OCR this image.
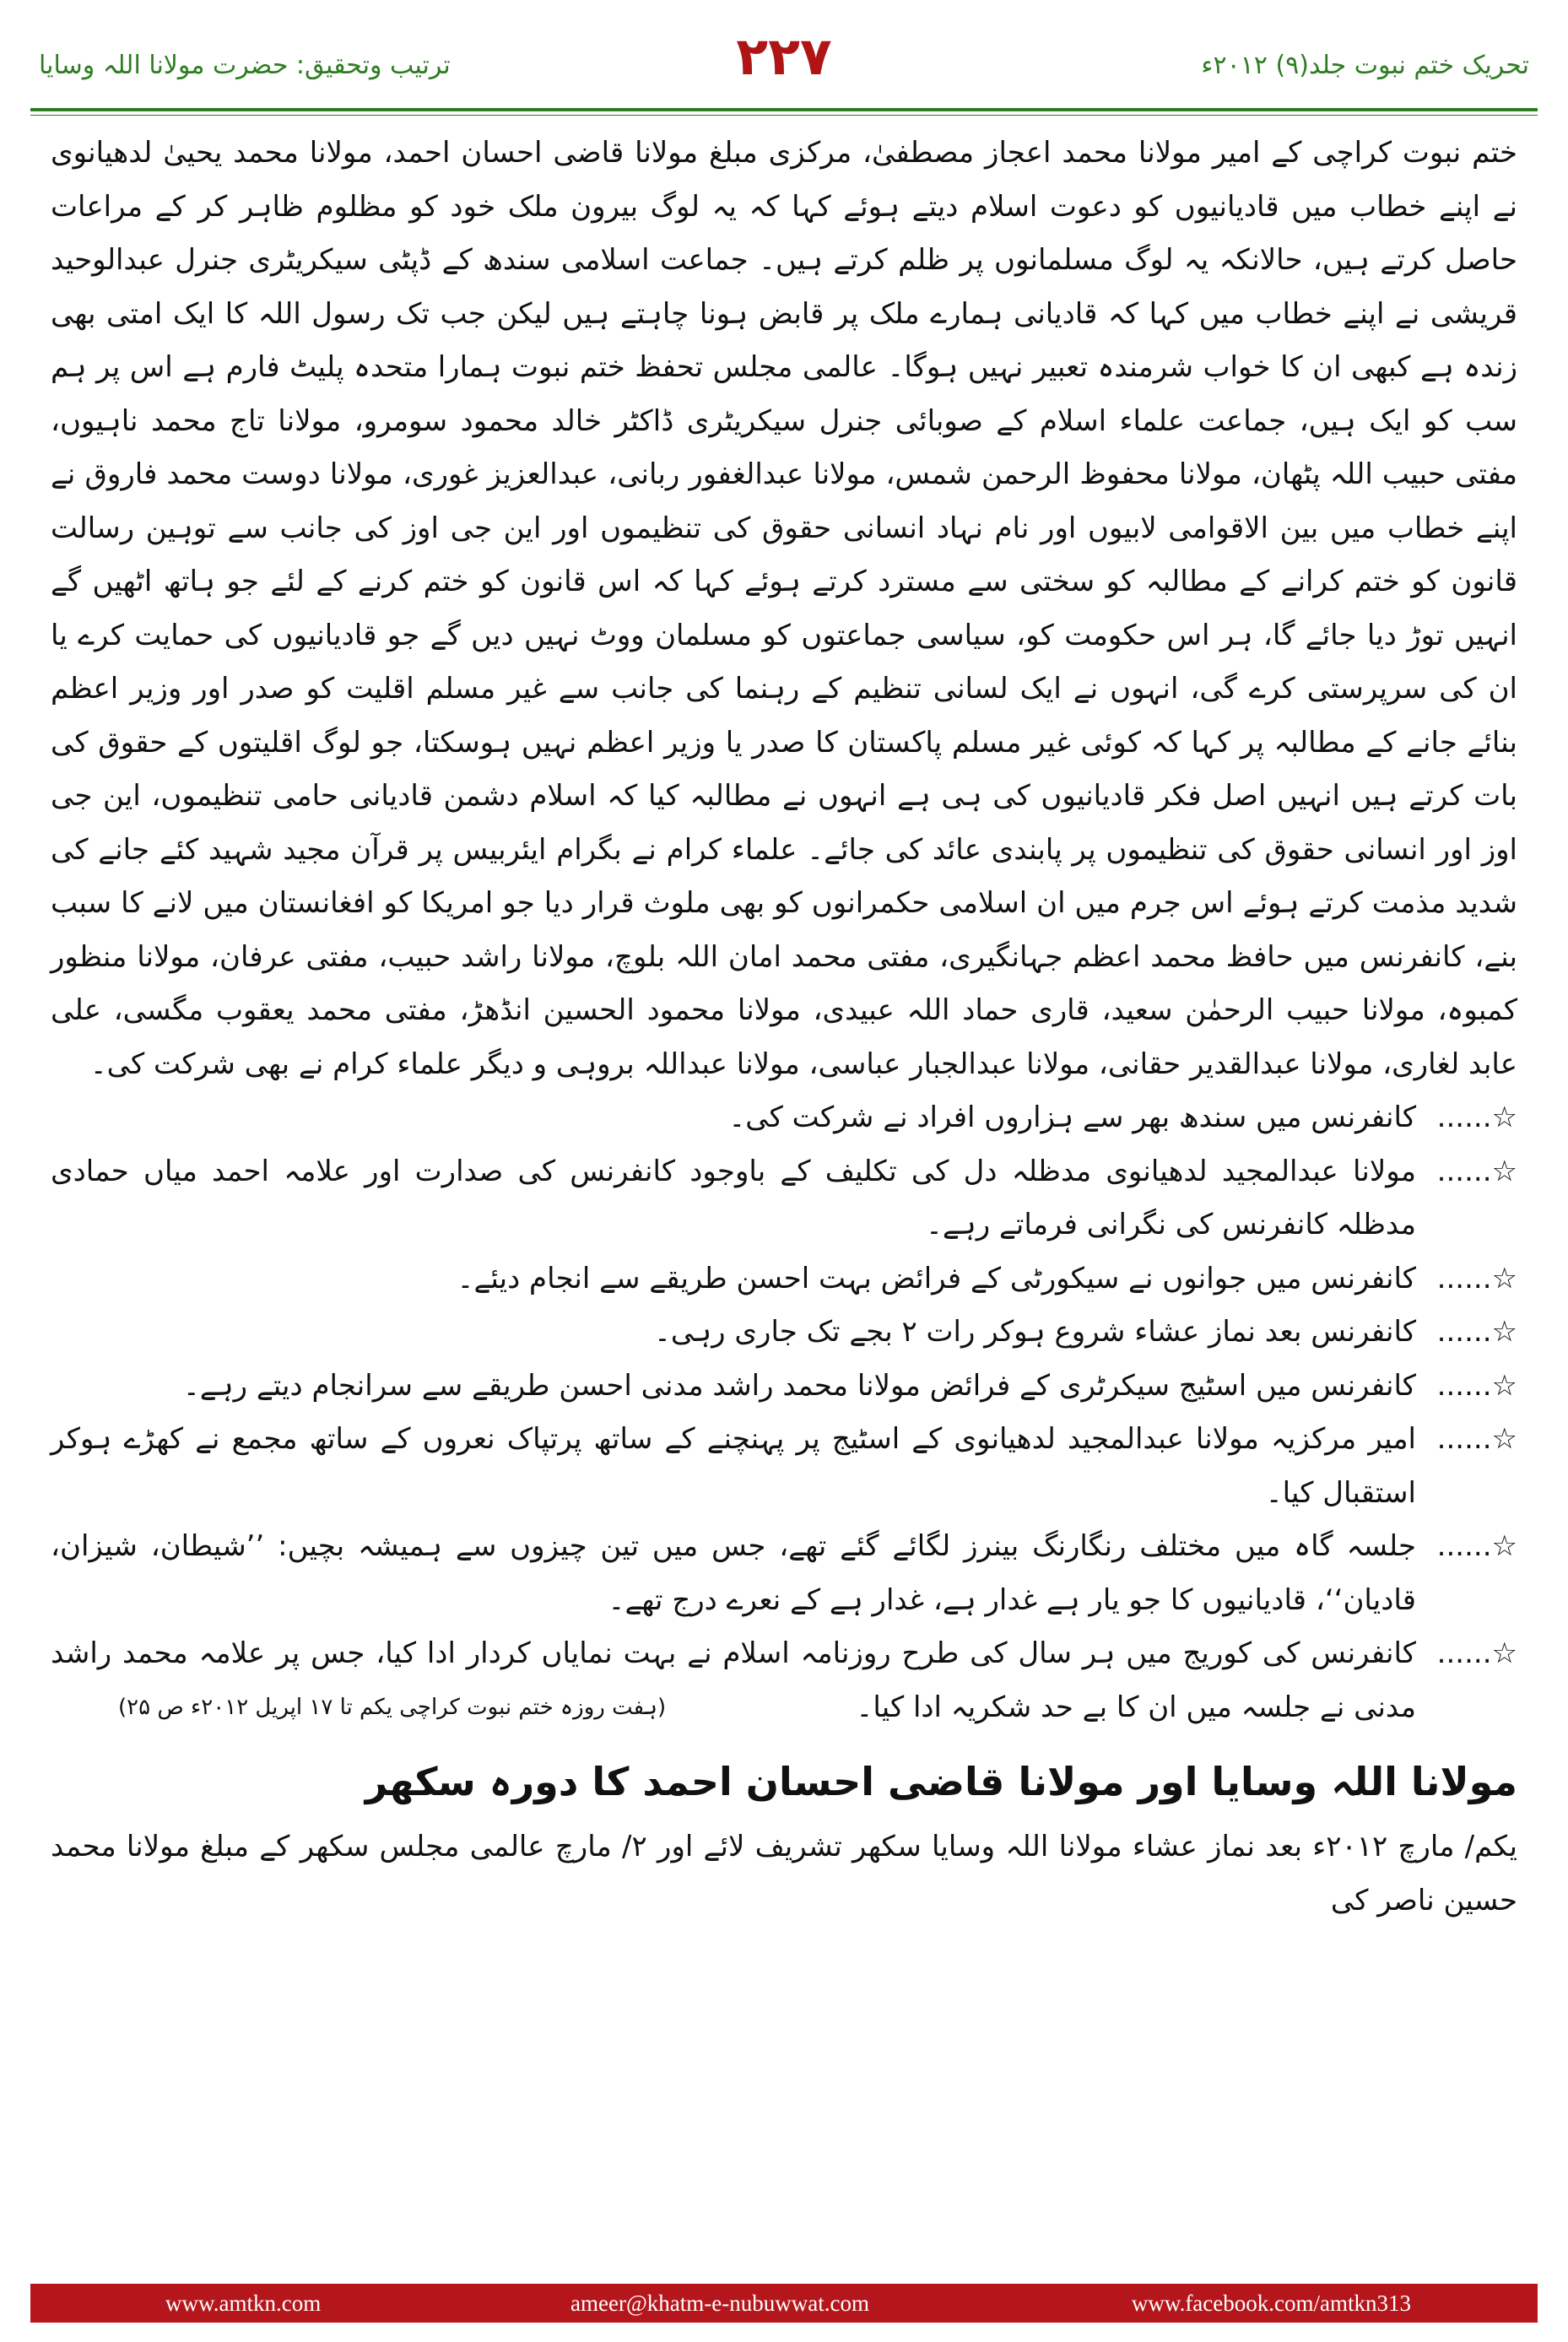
تحریک ختم نبوت جلد(۹) ۲۰۱۲ء
۲۲۷
ترتیب وتحقیق: حضرت مولانا اللہ وسایا

ختم نبوت کراچی کے امیر مولانا محمد اعجاز مصطفیٰ، مرکزی مبلغ مولانا قاضی احسان احمد، مولانا محمد یحییٰ لدھیانوی نے اپنے خطاب میں قادیانیوں کو دعوت اسلام دیتے ہوئے کہا کہ یہ لوگ بیرون ملک خود کو مظلوم ظاہر کر کے مراعات حاصل کرتے ہیں، حالانکہ یہ لوگ مسلمانوں پر ظلم کرتے ہیں۔ جماعت اسلامی سندھ کے ڈپٹی سیکریٹری جنرل عبدالوحید قریشی نے اپنے خطاب میں کہا کہ قادیانی ہمارے ملک پر قابض ہونا چاہتے ہیں لیکن جب تک رسول اللہ کا ایک امتی بھی زندہ ہے کبھی ان کا خواب شرمندہ تعبیر نہیں ہوگا۔ عالمی مجلس تحفظ ختم نبوت ہمارا متحدہ پلیٹ فارم ہے اس پر ہم سب کو ایک ہیں، جماعت علماء اسلام کے صوبائی جنرل سیکریٹری ڈاکٹر خالد محمود سومرو، مولانا تاج محمد ناہیوں، مفتی حبیب اللہ پٹھان، مولانا محفوظ الرحمن شمس، مولانا عبدالغفور ربانی، عبدالعزیز غوری، مولانا دوست محمد فاروق نے اپنے خطاب میں بین الاقوامی لابیوں اور نام نہاد انسانی حقوق کی تنظیموں اور این جی اوز کی جانب سے توہین رسالت قانون کو ختم کرانے کے مطالبہ کو سختی سے مسترد کرتے ہوئے کہا کہ اس قانون کو ختم کرنے کے لئے جو ہاتھ اٹھیں گے انہیں توڑ دیا جائے گا، ہر اس حکومت کو، سیاسی جماعتوں کو مسلمان ووٹ نہیں دیں گے جو قادیانیوں کی حمایت کرے یا ان کی سرپرستی کرے گی، انہوں نے ایک لسانی تنظیم کے رہنما کی جانب سے غیر مسلم اقلیت کو صدر اور وزیر اعظم بنائے جانے کے مطالبہ پر کہا کہ کوئی غیر مسلم پاکستان کا صدر یا وزیر اعظم نہیں ہوسکتا، جو لوگ اقلیتوں کے حقوق کی بات کرتے ہیں انہیں اصل فکر قادیانیوں کی ہی ہے انہوں نے مطالبہ کیا کہ اسلام دشمن قادیانی حامی تنظیموں، این جی اوز اور انسانی حقوق کی تنظیموں پر پابندی عائد کی جائے۔ علماء کرام نے بگرام ایئربیس پر قرآن مجید شہید کئے جانے کی شدید مذمت کرتے ہوئے اس جرم میں ان اسلامی حکمرانوں کو بھی ملوث قرار دیا جو امریکا کو افغانستان میں لانے کا سبب بنے، کانفرنس میں حافظ محمد اعظم جہانگیری، مفتی محمد امان اللہ بلوچ، مولانا راشد حبیب، مفتی عرفان، مولانا منظور کمبوہ، مولانا حبیب الرحمٰن سعید، قاری حماد اللہ عبیدی، مولانا محمود الحسین انڈھڑ، مفتی محمد یعقوب مگسی، علی عابد لغاری، مولانا عبدالقدیر حقانی، مولانا عبدالجبار عباسی، مولانا عبداللہ بروہی و دیگر علماء کرام نے بھی شرکت کی۔

☆......
کانفرنس میں سندھ بھر سے ہزاروں افراد نے شرکت کی۔
☆......
مولانا عبدالمجید لدھیانوی مدظلہ دل کی تکلیف کے باوجود کانفرنس کی صدارت اور علامہ احمد میاں حمادی مدظلہ کانفرنس کی نگرانی فرماتے رہے۔
☆......
کانفرنس میں جوانوں نے سیکورٹی کے فرائض بہت احسن طریقے سے انجام دیئے۔
☆......
کانفرنس بعد نماز عشاء شروع ہوکر رات ۲ بجے تک جاری رہی۔
☆......
کانفرنس میں اسٹیج سیکرٹری کے فرائض مولانا محمد راشد مدنی احسن طریقے سے سرانجام دیتے رہے۔
☆......
امیر مرکزیہ مولانا عبدالمجید لدھیانوی کے اسٹیج پر پہنچنے کے ساتھ پرتپاک نعروں کے ساتھ مجمع نے کھڑے ہوکر استقبال کیا۔
☆......
جلسہ گاہ میں مختلف رنگارنگ بینرز لگائے گئے تھے، جس میں تین چیزوں سے ہمیشہ بچیں: ’’شیطان، شیزان، قادیان‘‘، قادیانیوں کا جو یار ہے غدار ہے، غدار ہے کے نعرے درج تھے۔
☆......
کانفرنس کی کوریج میں ہر سال کی طرح روزنامہ اسلام نے بہت نمایاں کردار ادا کیا، جس پر علامہ محمد راشد مدنی نے جلسہ میں ان کا بے حد شکریہ ادا کیا۔
(ہفت روزہ ختم نبوت کراچی یکم تا ۱۷ اپریل ۲۰۱۲ء ص ۲۵)
مولانا اللہ وسایا اور مولانا قاضی احسان احمد کا دورہ سکھر

یکم/ مارچ ۲۰۱۲ء بعد نماز عشاء مولانا اللہ وسایا سکھر تشریف لائے اور ۲/ مارچ عالمی مجلس سکھر کے مبلغ مولانا محمد حسین ناصر کی

www.amtkn.com	ameer@khatm-e-nubuwwat.com	www.facebook.com/amtkn313
